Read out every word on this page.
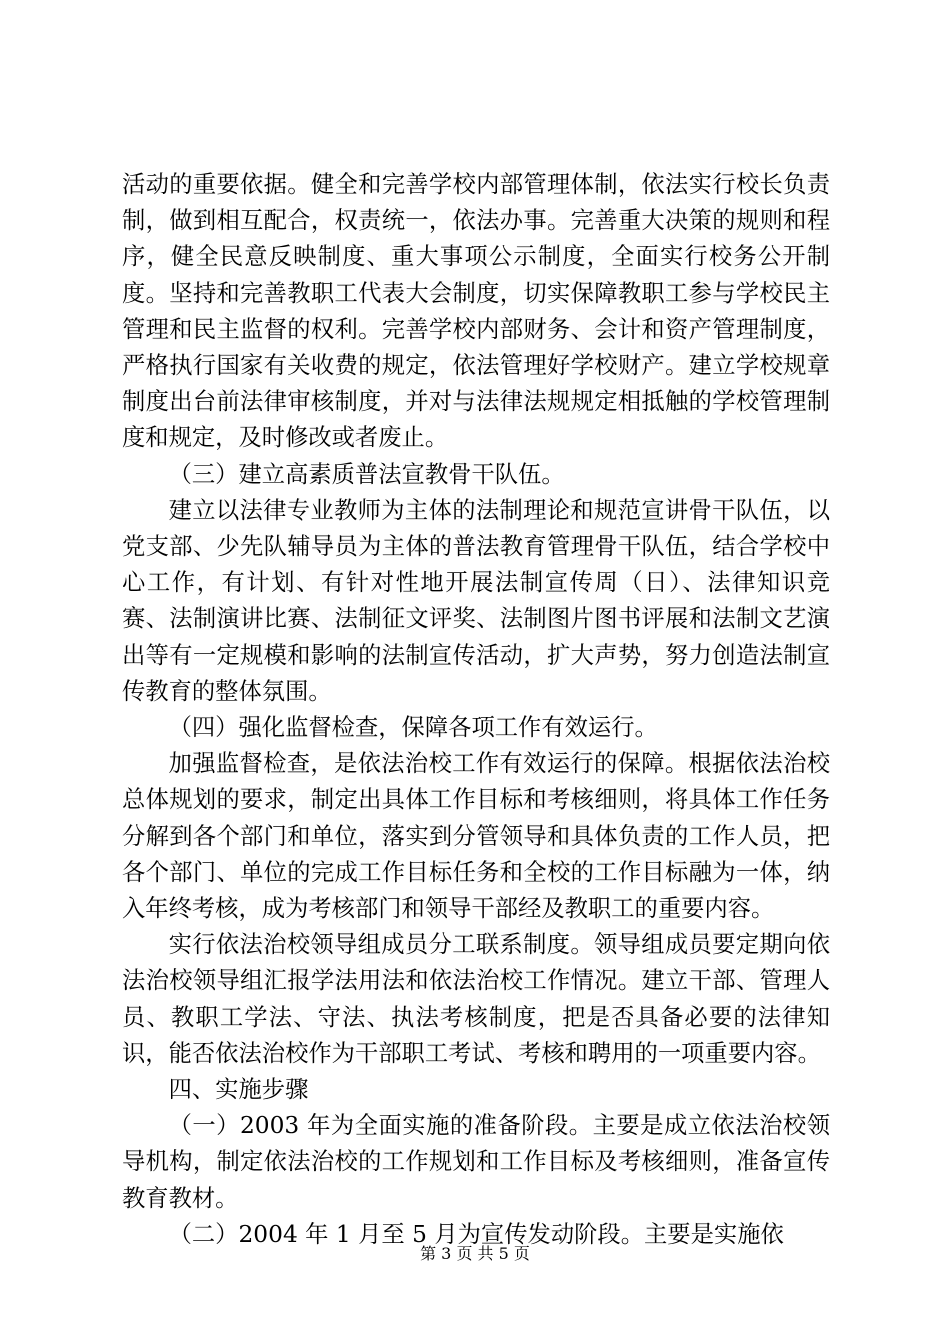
活动的重要依据。健全和完善学校内部管理体制，依法实行校长负责制，做到相互配合，权责统一，依法办事。完善重大决策的规则和程序，健全民意反映制度、重大事项公示制度，全面实行校务公开制度。坚持和完善教职工代表大会制度，切实保障教职工参与学校民主管理和民主监督的权利。完善学校内部财务、会计和资产管理制度，严格执行国家有关收费的规定，依法管理好学校财产。建立学校规章制度出台前法律审核制度，并对与法律法规规定相抵触的学校管理制度和规定，及时修改或者废止。

（三）建立高素质普法宣教骨干队伍。

建立以法律专业教师为主体的法制理论和规范宣讲骨干队伍，以党支部、少先队辅导员为主体的普法教育管理骨干队伍，结合学校中心工作，有计划、有针对性地开展法制宣传周（日）、法律知识竞赛、法制演讲比赛、法制征文评奖、法制图片图书评展和法制文艺演出等有一定规模和影响的法制宣传活动，扩大声势，努力创造法制宣传教育的整体氛围。

（四）强化监督检查，保障各项工作有效运行。

加强监督检查，是依法治校工作有效运行的保障。根据依法治校总体规划的要求，制定出具体工作目标和考核细则，将具体工作任务分解到各个部门和单位，落实到分管领导和具体负责的工作人员，把各个部门、单位的完成工作目标任务和全校的工作目标融为一体，纳入年终考核，成为考核部门和领导干部经及教职工的重要内容。

实行依法治校领导组成员分工联系制度。领导组成员要定期向依法治校领导组汇报学法用法和依法治校工作情况。建立干部、管理人员、教职工学法、守法、执法考核制度，把是否具备必要的法律知识，能否依法治校作为干部职工考试、考核和聘用的一项重要内容。

四、实施步骤

（一）2003 年为全面实施的准备阶段。主要是成立依法治校领导机构，制定依法治校的工作规划和工作目标及考核细则，准备宣传教育教材。

（二）2004 年 1 月至 5 月为宣传发动阶段。主要是实施依

第 3 页 共 5 页
